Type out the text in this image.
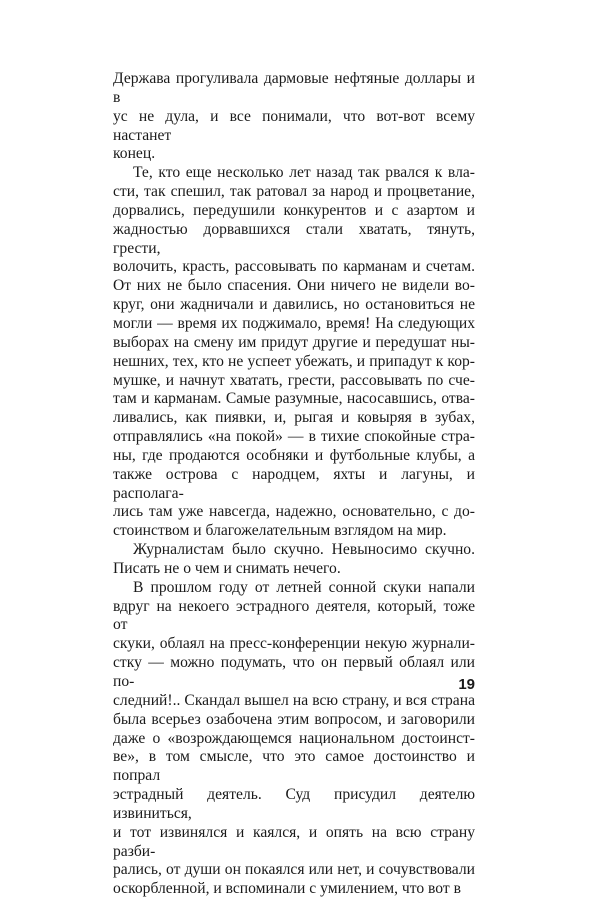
Держава прогуливала дармовые нефтяные доллары и в
ус не дула, и все понимали, что вот-вот всему настанет
конец.

Те, кто еще несколько лет назад так рвался к вла-
сти, так спешил, так ратовал за народ и процветание,
дорвались, передушили конкурентов и с азартом и
жадностью дорвавшихся стали хватать, тянуть, грести,
волочить, красть, рассовывать по карманам и счетам.
От них не было спасения. Они ничего не видели во-
круг, они жадничали и давились, но остановиться не
могли — время их поджимало, время! На следующих
выборах на смену им придут другие и передушат ны-
нешних, тех, кто не успеет убежать, и припадут к кор-
мушке, и начнут хватать, грести, рассовывать по сче-
там и карманам. Самые разумные, насосавшись, отва-
ливались, как пиявки, и, рыгая и ковыряя в зубах,
отправлялись «на покой» — в тихие спокойные стра-
ны, где продаются особняки и футбольные клубы, а
также острова с народцем, яхты и лагуны, и располага-
лись там уже навсегда, надежно, основательно, с до-
стоинством и благожелательным взглядом на мир.

Журналистам было скучно. Невыносимо скучно.
Писать не о чем и снимать нечего.

В прошлом году от летней сонной скуки напали
вдруг на некоего эстрадного деятеля, который, тоже от
скуки, облаял на пресс-конференции некую журнали-
стку — можно подумать, что он первый облаял или по-
следний!.. Скандал вышел на всю страну, и вся страна
была всерьез озабочена этим вопросом, и заговорили
даже о «возрождающемся национальном достоинст-
ве», в том смысле, что это самое достоинство и попрал
эстрадный деятель. Суд присудил деятелю извиниться,
и тот извинялся и каялся, и опять на всю страну разби-
рались, от души он покаялся или нет, и сочувствовали
оскорбленной, и вспоминали с умилением, что вот в

19
